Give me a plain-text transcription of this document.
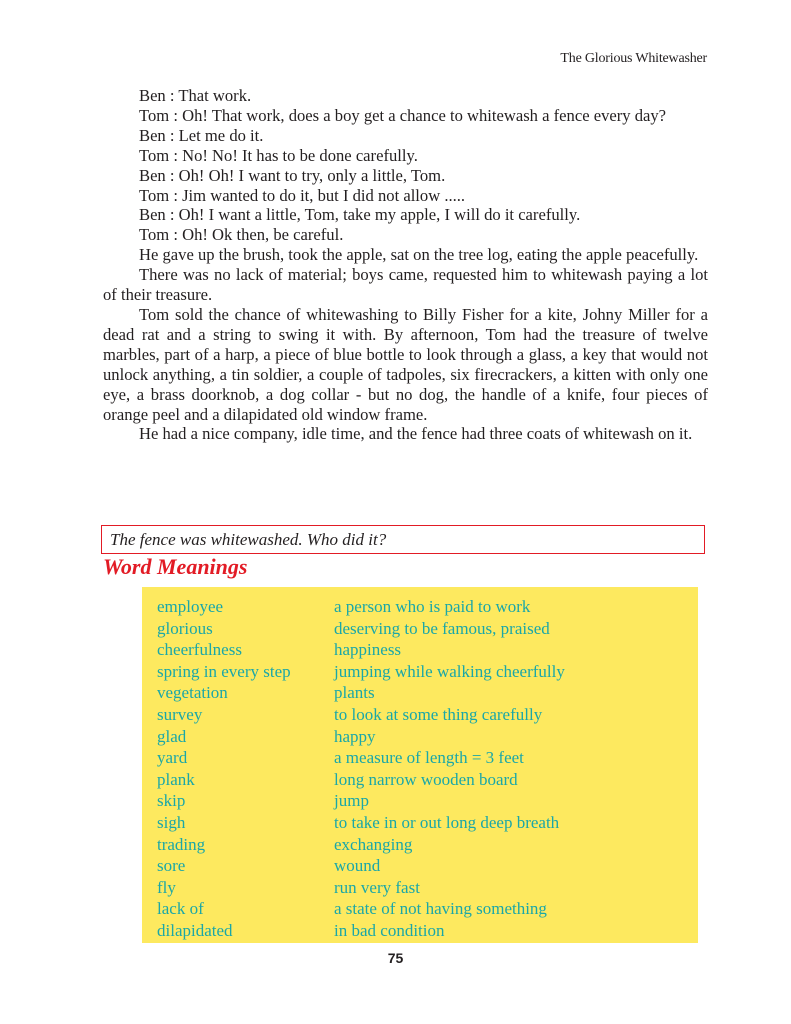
The Glorious Whitewasher

Ben : That work.

Tom : Oh! That work, does a boy get a chance to whitewash a fence every day?

Ben : Let me do it.

Tom : No! No! It has to be done carefully.

Ben : Oh! Oh! I want to try, only a little, Tom.

Tom : Jim wanted to do it, but I did not allow .....

Ben : Oh! I want a little, Tom, take my apple, I will do it carefully.

Tom : Oh! Ok then, be careful.

He gave up the brush, took the apple, sat on the tree log, eating the apple peacefully.

There was no lack of material; boys came, requested him to whitewash paying a lot of their treasure.

Tom sold the chance of whitewashing to Billy Fisher for a kite, Johny Miller for a dead rat and a string to swing it with. By afternoon, Tom had the treasure of twelve marbles, part of a harp, a piece of blue bottle to look through a glass, a key that would not unlock anything, a tin soldier, a couple of tadpoles, six firecrackers, a kitten with only one eye, a brass doorknob, a dog collar - but no dog, the handle of a knife, four pieces of orange peel and a dilapidated old window frame.

He had a nice company, idle time, and the fence had three coats of whitewash on it.

The fence was whitewashed. Who did it?
Word Meanings
employee	a person who is paid to work
glorious	deserving to be famous, praised
cheerfulness	happiness
spring in every step	jumping while walking cheerfully
vegetation	plants
survey	to look at some thing carefully
glad	happy
yard	a measure of length = 3 feet
plank	long narrow wooden board
skip	jump
sigh	to take in or out long deep breath
trading	exchanging
sore	wound
fly	run very fast
lack of	a state of not having something
dilapidated	in bad condition
75
